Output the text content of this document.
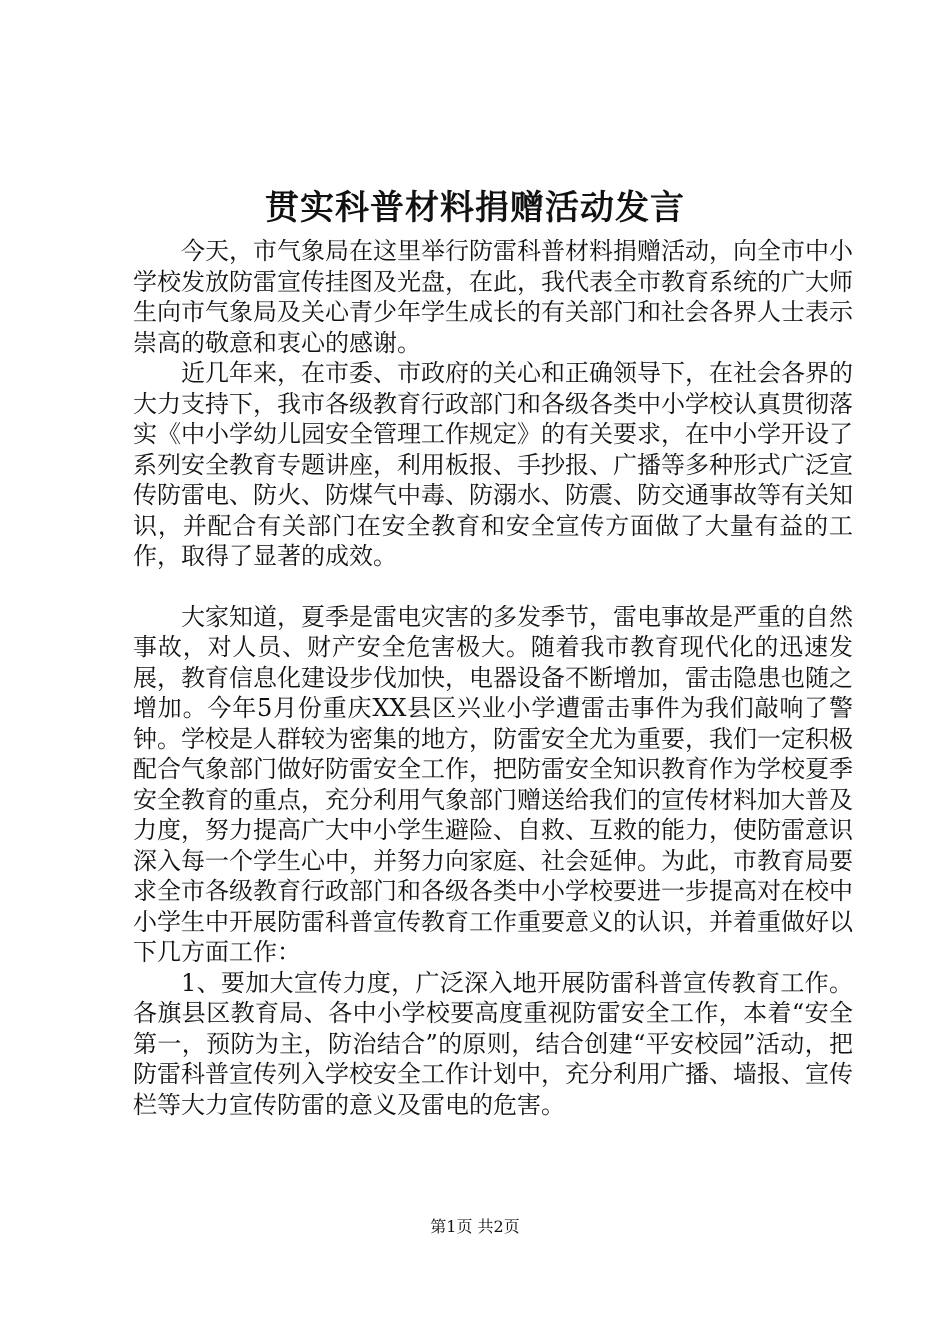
贯实科普材料捐赠活动发言

今天，市气象局在这里举行防雷科普材料捐赠活动，向全市中小学校发放防雷宣传挂图及光盘，在此，我代表全市教育系统的广大师生向市气象局及关心青少年学生成长的有关部门和社会各界人士表示崇高的敬意和衷心的感谢。

近几年来，在市委、市政府的关心和正确领导下，在社会各界的大力支持下，我市各级教育行政部门和各级各类中小学校认真贯彻落实《中小学幼儿园安全管理工作规定》的有关要求，在中小学开设了系列安全教育专题讲座，利用板报、手抄报、广播等多种形式广泛宣传防雷电、防火、防煤气中毒、防溺水、防震、防交通事故等有关知识，并配合有关部门在安全教育和安全宣传方面做了大量有益的工作，取得了显著的成效。

大家知道，夏季是雷电灾害的多发季节，雷电事故是严重的自然事故，对人员、财产安全危害极大。随着我市教育现代化的迅速发展，教育信息化建设步伐加快，电器设备不断增加，雷击隐患也随之增加。今年5月份重庆XX县区兴业小学遭雷击事件为我们敲响了警钟。学校是人群较为密集的地方，防雷安全尤为重要，我们一定积极配合气象部门做好防雷安全工作，把防雷安全知识教育作为学校夏季安全教育的重点，充分利用气象部门赠送给我们的宣传材料加大普及力度，努力提高广大中小学生避险、自救、互救的能力，使防雷意识深入每一个学生心中，并努力向家庭、社会延伸。为此，市教育局要求全市各级教育行政部门和各级各类中小学校要进一步提高对在校中小学生中开展防雷科普宣传教育工作重要意义的认识，并着重做好以下几方面工作：

1、要加大宣传力度，广泛深入地开展防雷科普宣传教育工作。各旗县区教育局、各中小学校要高度重视防雷安全工作，本着“安全第一，预防为主，防治结合”的原则，结合创建“平安校园”活动，把防雷科普宣传列入学校安全工作计划中，充分利用广播、墙报、宣传栏等大力宣传防雷的意义及雷电的危害。

第1页 共2页
